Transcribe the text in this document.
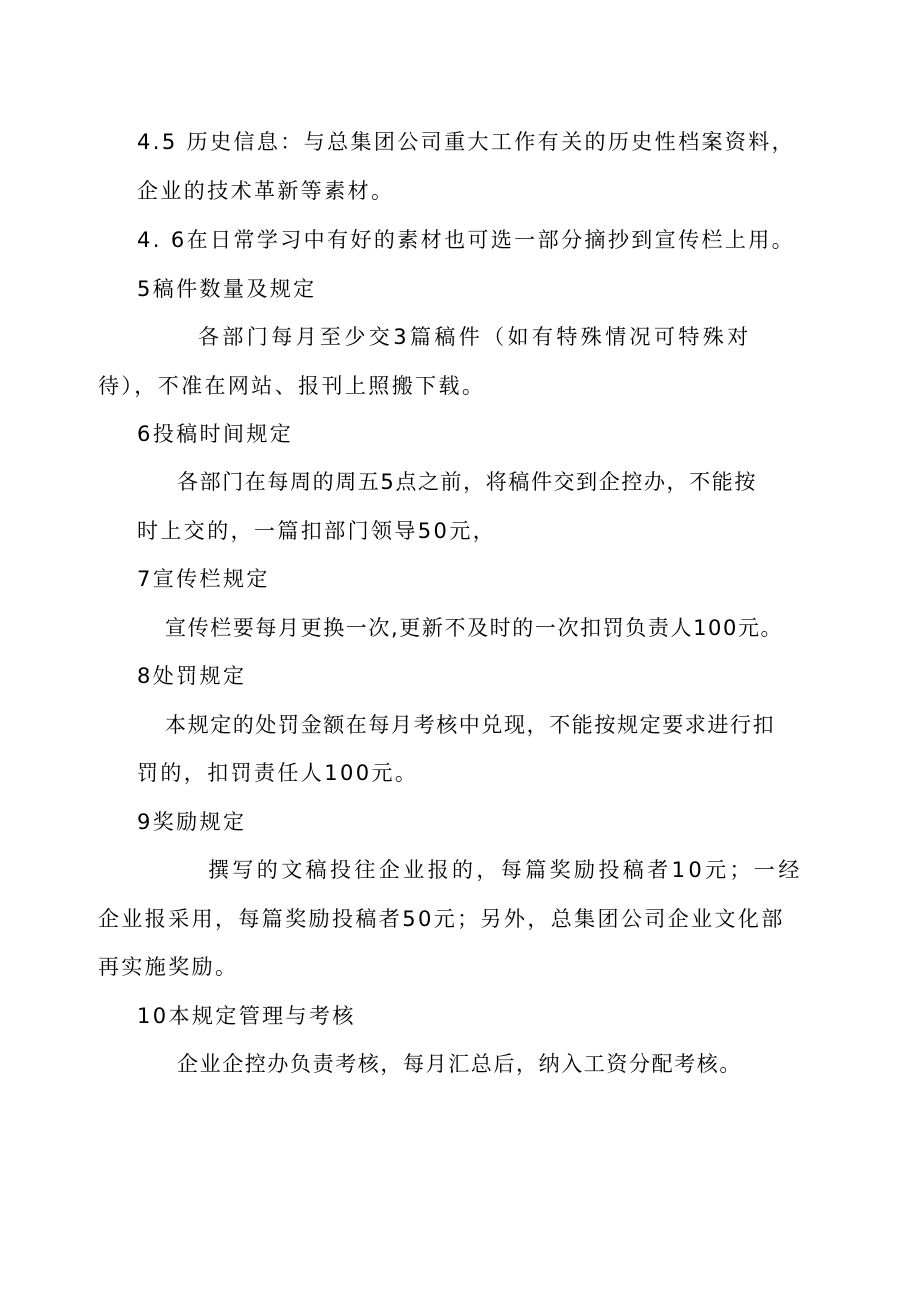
4.5 历史信息：与总集团公司重大工作有关的历史性档案资料，
企业的技术革新等素材。
4. 6在日常学习中有好的素材也可选一部分摘抄到宣传栏上用。
5稿件数量及规定
各部门每月至少交3篇稿件（如有特殊情况可特殊对
待），不准在网站、报刊上照搬下载。
6投稿时间规定
各部门在每周的周五5点之前，将稿件交到企控办，不能按
时上交的，一篇扣部门领导50元，
7宣传栏规定
宣传栏要每月更换一次,更新不及时的一次扣罚负责人100元。
8处罚规定
本规定的处罚金额在每月考核中兑现，不能按规定要求进行扣
罚的，扣罚责任人100元。
9奖励规定
撰写的文稿投往企业报的，每篇奖励投稿者10元；一经
企业报采用，每篇奖励投稿者50元；另外，总集团公司企业文化部
再实施奖励。
10本规定管理与考核
企业企控办负责考核，每月汇总后，纳入工资分配考核。
